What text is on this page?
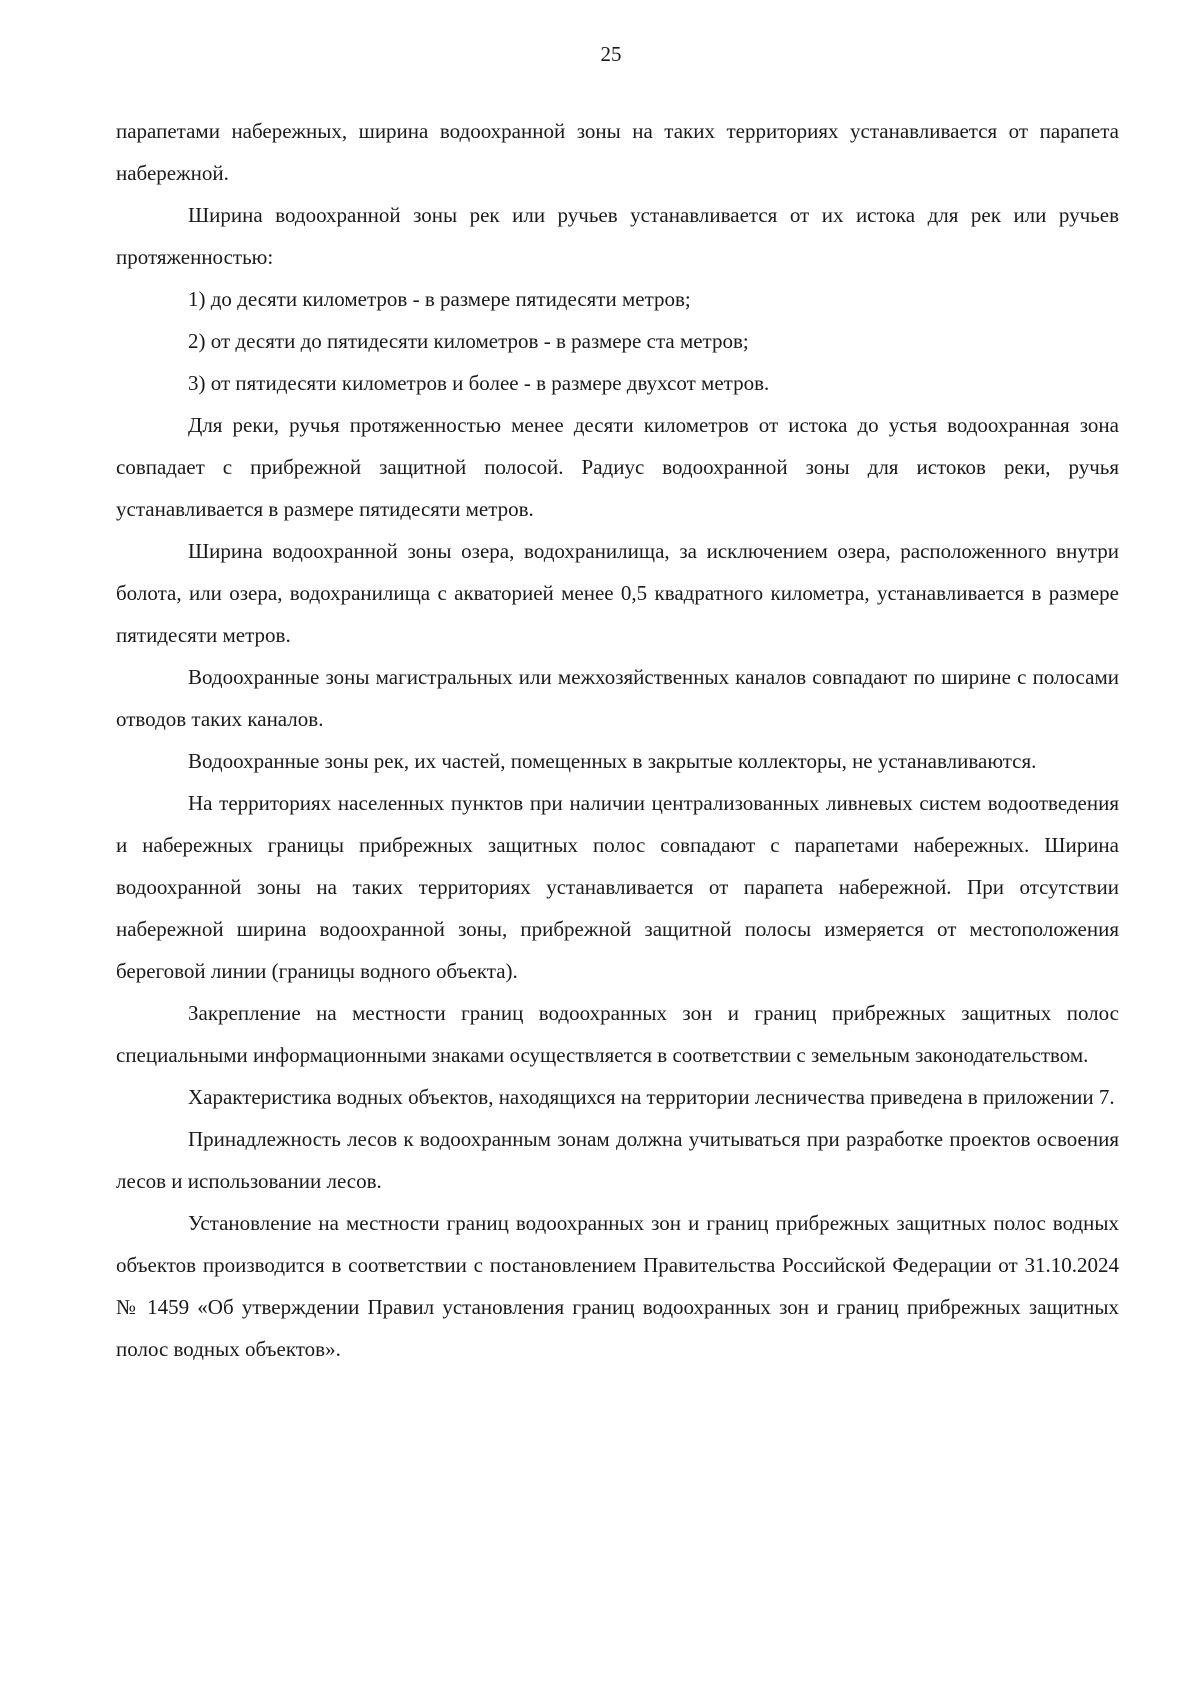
25

парапетами набережных, ширина водоохранной зоны на таких территориях устанавливается от парапета набережной.

Ширина водоохранной зоны рек или ручьев устанавливается от их истока для рек или ручьев протяженностью:

1) до десяти километров - в размере пятидесяти метров;

2) от десяти до пятидесяти километров - в размере ста метров;

3) от пятидесяти километров и более - в размере двухсот метров.

Для реки, ручья протяженностью менее десяти километров от истока до устья водоохранная зона совпадает с прибрежной защитной полосой. Радиус водоохранной зоны для истоков реки, ручья устанавливается в размере пятидесяти метров.

Ширина водоохранной зоны озера, водохранилища, за исключением озера, расположенного внутри болота, или озера, водохранилища с акваторией менее 0,5 квадратного километра, устанавливается в размере пятидесяти метров.

Водоохранные зоны магистральных или межхозяйственных каналов совпадают по ширине с полосами отводов таких каналов.

Водоохранные зоны рек, их частей, помещенных в закрытые коллекторы, не устанавливаются.

На территориях населенных пунктов при наличии централизованных ливневых систем водоотведения и набережных границы прибрежных защитных полос совпадают с парапетами набережных. Ширина водоохранной зоны на таких территориях устанавливается от парапета набережной. При отсутствии набережной ширина водоохранной зоны, прибрежной защитной полосы измеряется от местоположения береговой линии (границы водного объекта).

Закрепление на местности границ водоохранных зон и границ прибрежных защитных полос специальными информационными знаками осуществляется в соответствии с земельным законодательством.

Характеристика водных объектов, находящихся на территории лесничества приведена в приложении 7.

Принадлежность лесов к водоохранным зонам должна учитываться при разработке проектов освоения лесов и использовании лесов.

Установление на местности границ водоохранных зон и границ прибрежных защитных полос водных объектов производится в соответствии с постановлением Правительства Российской Федерации от 31.10.2024 № 1459 «Об утверждении Правил установления границ водоохранных зон и границ прибрежных защитных полос водных объектов».
